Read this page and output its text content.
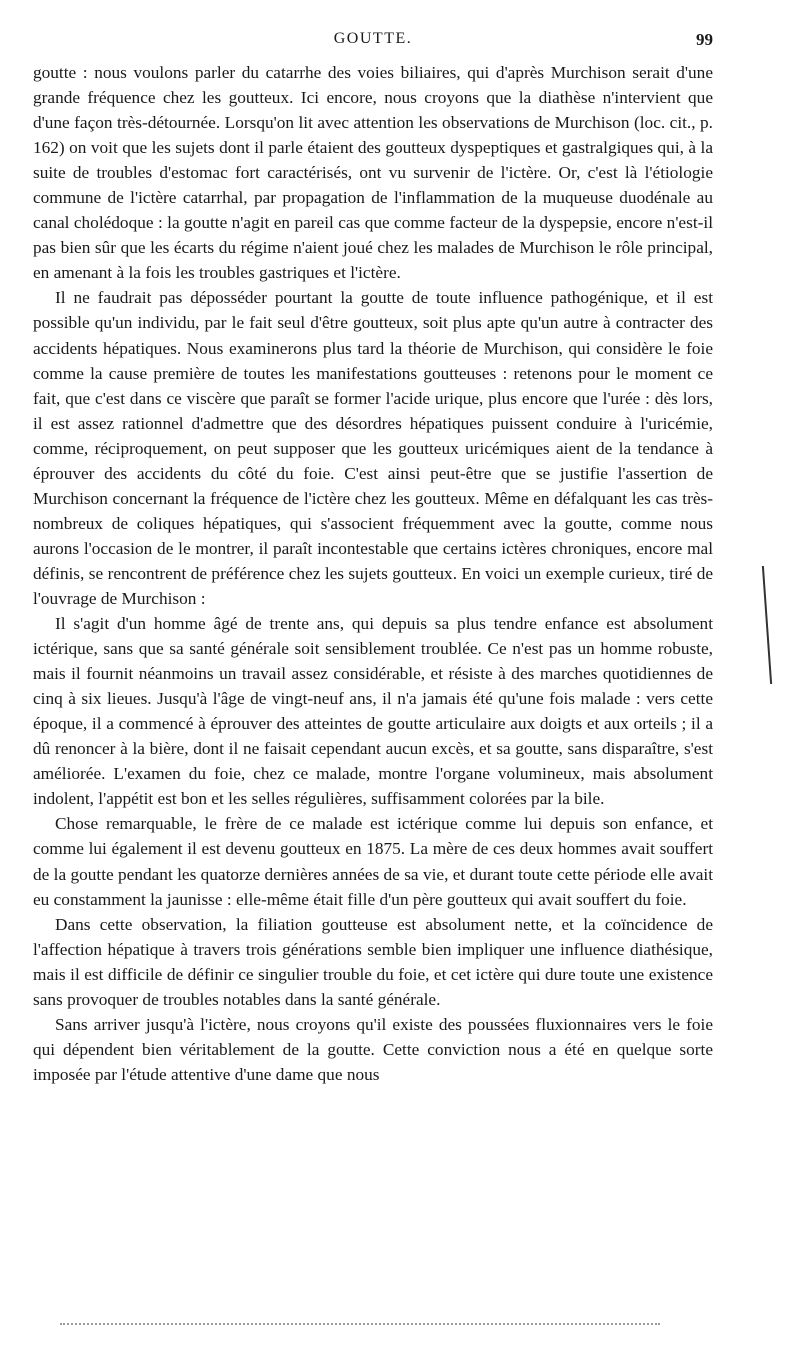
GOUTTE.	99

goutte : nous voulons parler du catarrhe des voies biliaires, qui d'après Murchison serait d'une grande fréquence chez les goutteux. Ici encore, nous croyons que la diathèse n'intervient que d'une façon très-détournée. Lorsqu'on lit avec attention les observations de Murchison (loc. cit., p. 162) on voit que les sujets dont il parle étaient des goutteux dyspeptiques et gastralgiques qui, à la suite de troubles d'estomac fort caractérisés, ont vu survenir de l'ictère. Or, c'est là l'étiologie commune de l'ictère catarrhal, par propagation de l'inflammation de la muqueuse duodénale au canal cholédoque : la goutte n'agit en pareil cas que comme facteur de la dyspepsie, encore n'est-il pas bien sûr que les écarts du régime n'aient joué chez les malades de Murchison le rôle principal, en amenant à la fois les troubles gastriques et l'ictère.

Il ne faudrait pas déposséder pourtant la goutte de toute influence pathogénique, et il est possible qu'un individu, par le fait seul d'être goutteux, soit plus apte qu'un autre à contracter des accidents hépatiques. Nous examinerons plus tard la théorie de Murchison, qui considère le foie comme la cause première de toutes les manifestations goutteuses : retenons pour le moment ce fait, que c'est dans ce viscère que paraît se former l'acide urique, plus encore que l'urée : dès lors, il est assez rationnel d'admettre que des désordres hépatiques puissent conduire à l'uricémie, comme, réciproquement, on peut supposer que les goutteux uricémiques aient de la tendance à éprouver des accidents du côté du foie. C'est ainsi peut-être que se justifie l'assertion de Murchison concernant la fréquence de l'ictère chez les goutteux. Même en défalquant les cas très-nombreux de coliques hépatiques, qui s'associent fréquemment avec la goutte, comme nous aurons l'occasion de le montrer, il paraît incontestable que certains ictères chroniques, encore mal définis, se rencontrent de préférence chez les sujets goutteux. En voici un exemple curieux, tiré de l'ouvrage de Murchison :

Il s'agit d'un homme âgé de trente ans, qui depuis sa plus tendre enfance est absolument ictérique, sans que sa santé générale soit sensiblement troublée. Ce n'est pas un homme robuste, mais il fournit néanmoins un travail assez considérable, et résiste à des marches quotidiennes de cinq à six lieues. Jusqu'à l'âge de vingt-neuf ans, il n'a jamais été qu'une fois malade : vers cette époque, il a commencé à éprouver des atteintes de goutte articulaire aux doigts et aux orteils ; il a dû renoncer à la bière, dont il ne faisait cependant aucun excès, et sa goutte, sans disparaître, s'est améliorée. L'examen du foie, chez ce malade, montre l'organe volumineux, mais absolument indolent, l'appétit est bon et les selles régulières, suffisamment colorées par la bile.

Chose remarquable, le frère de ce malade est ictérique comme lui depuis son enfance, et comme lui également il est devenu goutteux en 1875. La mère de ces deux hommes avait souffert de la goutte pendant les quatorze dernières années de sa vie, et durant toute cette période elle avait eu constamment la jaunisse : elle-même était fille d'un père goutteux qui avait souffert du foie.

Dans cette observation, la filiation goutteuse est absolument nette, et la coïncidence de l'affection hépatique à travers trois générations semble bien impliquer une influence diathésique, mais il est difficile de définir ce singulier trouble du foie, et cet ictère qui dure toute une existence sans provoquer de troubles notables dans la santé générale.

Sans arriver jusqu'à l'ictère, nous croyons qu'il existe des poussées fluxionnaires vers le foie qui dépendent bien véritablement de la goutte. Cette conviction nous a été en quelque sorte imposée par l'étude attentive d'une dame que nous
